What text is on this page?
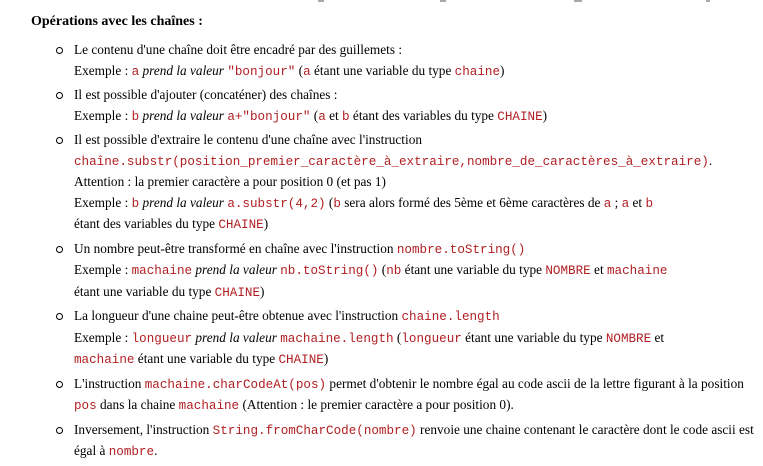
Opérations avec les chaînes :
Le contenu d'une chaîne doit être encadré par des guillemets :
Exemple : a prend la valeur "bonjour" (a étant une variable du type chaine)
Il est possible d'ajouter (concaténer) des chaînes :
Exemple : b prend la valeur a+"bonjour" (a et b étant des variables du type CHAINE)
Il est possible d'extraire le contenu d'une chaîne avec l'instruction
chaîne.substr(position_premier_caractère_à_extraire,nombre_de_caractères_à_extraire).
Attention : la premier caractère a pour position 0 (et pas 1)
Exemple : b prend la valeur a.substr(4,2) (b sera alors formé des 5ème et 6ème caractères de a ; a et b
étant des variables du type CHAINE)
Un nombre peut-être transformé en chaîne avec l'instruction nombre.toString()
Exemple : machaine prend la valeur nb.toString() (nb étant une variable du type NOMBRE et machaine
étant une variable du type CHAINE)
La longueur d'une chaine peut-être obtenue avec l'instruction chaine.length
Exemple : longueur prend la valeur machaine.length (longueur étant une variable du type NOMBRE et
machaine étant une variable du type CHAINE)
L'instruction machaine.charCodeAt(pos) permet d'obtenir le nombre égal au code ascii de la lettre figurant à la position pos dans la chaine machaine (Attention : le premier caractère a pour position 0).
Inversement, l'instruction String.fromCharCode(nombre) renvoie une chaine contenant le caractère dont le code ascii est égal à nombre.
